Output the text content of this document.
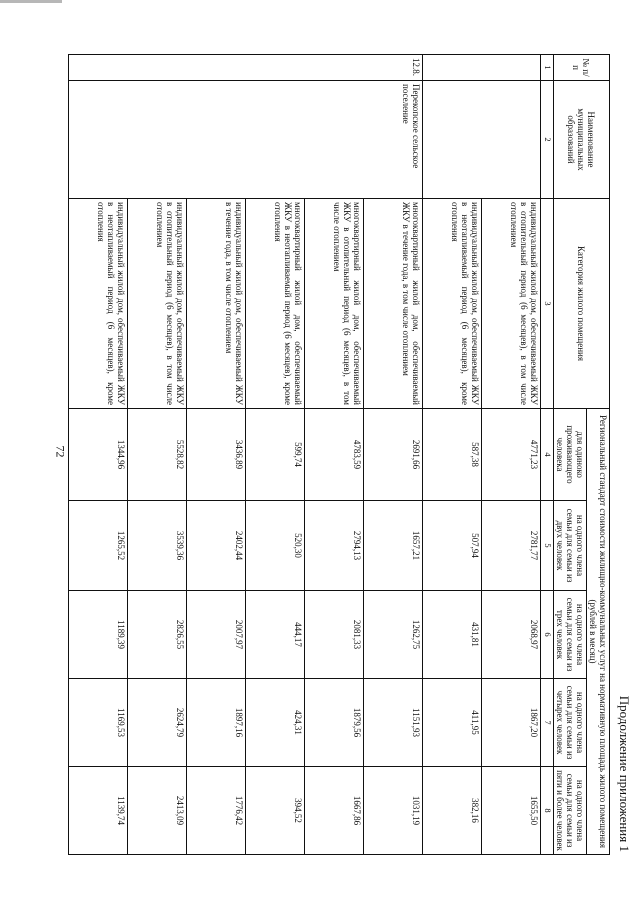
72
Продолжение приложения 1
№ п/п	Наименование муниципальных образований	Категория жилого помещения	Региональный стандарт стоимости жилищно-коммунальных услуг на нормативную площадь жилого помещения (рублей в месяц)				
			для одиноко проживающего человека	на одного члена семьи для семьи из двух человек	на одного члена семьи для семьи из трех человек	на одного члена семьи для семьи из четырех человек	на одного члена семьи для семьи из пяти и более человек
1	2	3	4	5	6	7	8
		индивидуальный жилой дом, обеспечиваемый ЖКУ в отопительный период (6 месяцев), в том числе отоплением	4771,23	2781,77	2068,97	1867,20	1655,50
		индивидуальный жилой дом, обеспечиваемый ЖКУ в неотапливаемый период (6 месяцев), кроме отопления	587,38	507,94	431,81	411,95	382,16
12.8.	Перекопское сельское поселение	многоквартирный жилой дом, обеспечиваемый ЖКУ в течение года, в том числе отоплением	2691,66	1657,21	1262,75	1151,93	1031,19
		многоквартирный жилой дом, обеспечиваемый ЖКУ в отопительный период (6 месяцев), в том числе отоплением	4783,59	2794,13	2081,33	1879,56	1667,86
		многоквартирный жилой дом, обеспечиваемый ЖКУ в неотапливаемый период (6 месяцев), кроме отопления	599,74	520,30	444,17	424,31	394,52
		индивидуальный жилой дом, обеспечиваемый ЖКУ в течение года, в том числе отоплением	3436,89	2402,44	2007,97	1897,16	1776,42
		индивидуальный жилой дом, обеспечиваемый ЖКУ в отопительный период (6 месяцев), в том числе отоплением	5528,82	3539,36	2826,55	2624,79	2413,09
		индивидуальный жилой дом, обеспечиваемый ЖКУ в неотапливаемый период (6 месяцев), кроме отопления	1344,96	1265,52	1189,39	1169,53	1139,74
